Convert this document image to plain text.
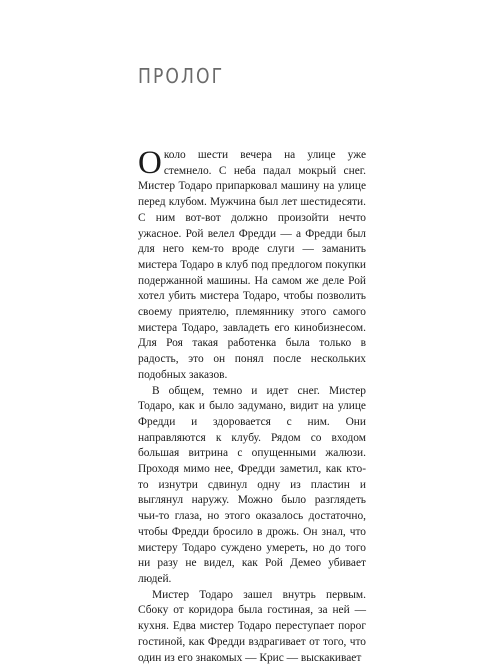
ПРОЛОГ

Около шести вечера на улице уже стемнело. С неба падал мокрый снег. Мистер Тодаро припарковал машину на улице перед клубом. Мужчина был лет шестидесяти. С ним вот-вот должно произойти нечто ужасное. Рой велел Фредди — а Фредди был для него кем-то вроде слуги — заманить мистера Тодаро в клуб под предлогом покупки подержанной машины. На самом же деле Рой хотел убить мистера Тодаро, чтобы позволить своему приятелю, племяннику этого самого мистера Тодаро, завладеть его кинобизнесом. Для Роя такая работенка была только в радость, это он понял после нескольких подобных заказов.

В общем, темно и идет снег. Мистер Тодаро, как и было задумано, видит на улице Фредди и здоровается с ним. Они направляются к клубу. Рядом со входом большая витрина с опущенными жалюзи. Проходя мимо нее, Фредди заметил, как кто-то изнутри сдвинул одну из пластин и выглянул наружу. Можно было разглядеть чьи-то глаза, но этого оказалось достаточно, чтобы Фредди бросило в дрожь. Он знал, что мистеру Тодаро суждено умереть, но до того ни разу не видел, как Рой Демео убивает людей.

Мистер Тодаро зашел внутрь первым. Сбоку от коридора была гостиная, за ней — кухня. Едва мистер Тодаро переступает порог гостиной, как Фредди вздрагивает от того, что один из его знакомых — Крис — выскакивает
